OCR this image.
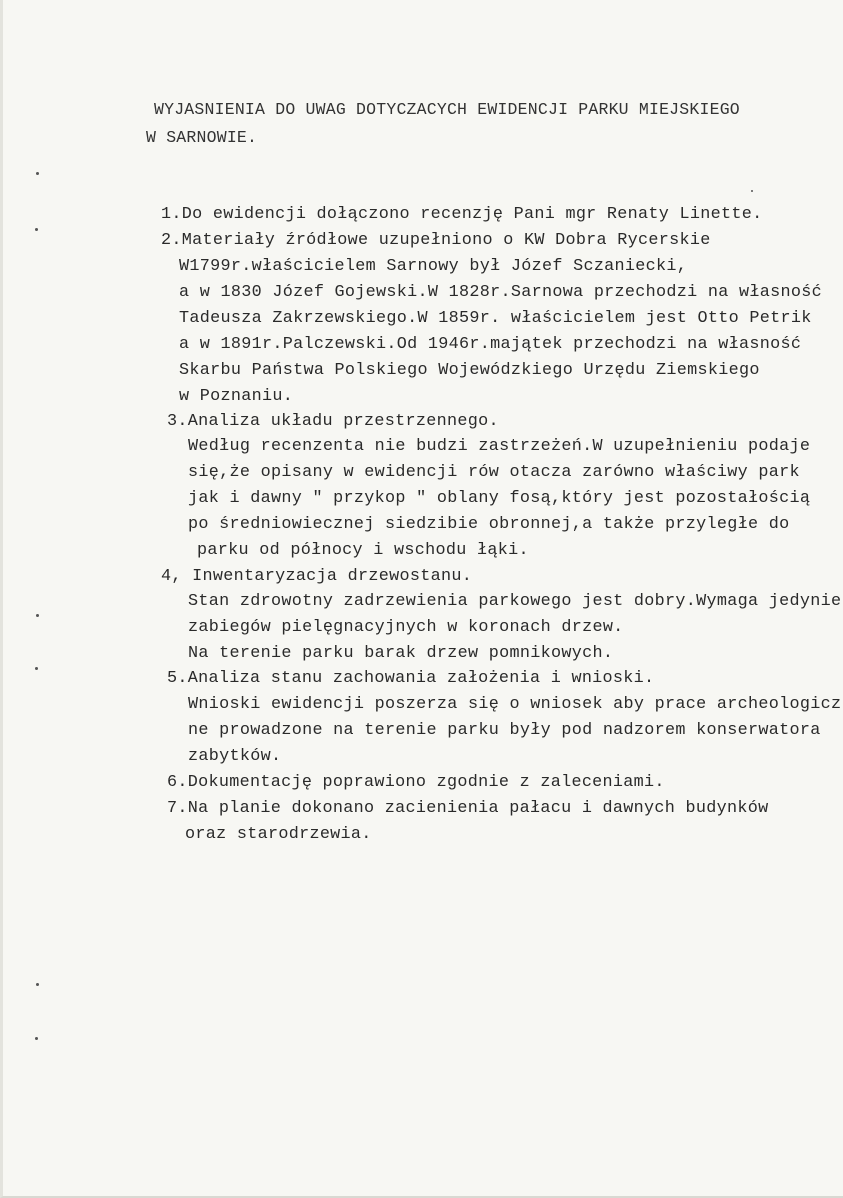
WYJASNIENIA DO UWAG DOTYCZACYCH EWIDENCJI PARKU MIEJSKIEGO
W SARNOWIE.
1.Do ewidencji dołączono recenzję Pani mgr Renaty Linette.
2.Materiały źródłowe uzupełniono o KW Dobra Rycerskie
W1799r.właścicielem Sarnowy był Józef Sczaniecki,
a w 1830 Józef Gojewski.W 1828r.Sarnowa przechodzi na własność
Tadeusza Zakrzewskiego.W 1859r. właścicielem jest Otto Petrik
a w 1891r.Palczewski.Od 1946r.majątek przechodzi na własność
Skarbu Państwa Polskiego Wojewódzkiego Urzędu Ziemskiego
w Poznaniu.
3.Analiza układu przestrzennego.
Według recenzenta nie budzi zastrzeżeń.W uzupełnieniu podaje
się,że opisany w ewidencji rów otacza zarówno właściwy park
jak i dawny " przykop " oblany fosą,który jest pozostałością
po średniowiecznej siedzibie obronnej,a także przyległe do
parku od północy i wschodu łąki.
4, Inwentaryzacja drzewostanu.
Stan zdrowotny zadrzewienia parkowego jest dobry.Wymaga jedynie
zabiegów pielęgnacyjnych w koronach drzew.
Na terenie parku barak drzew pomnikowych.
5.Analiza stanu zachowania założenia i wnioski.
Wnioski ewidencji poszerza się o wniosek aby prace archeologicz
ne prowadzone na terenie parku były pod nadzorem konserwatora
zabytków.
6.Dokumentację poprawiono zgodnie z zaleceniami.
7.Na planie dokonano zacienienia pałacu i dawnych budynków
oraz starodrzewia.
